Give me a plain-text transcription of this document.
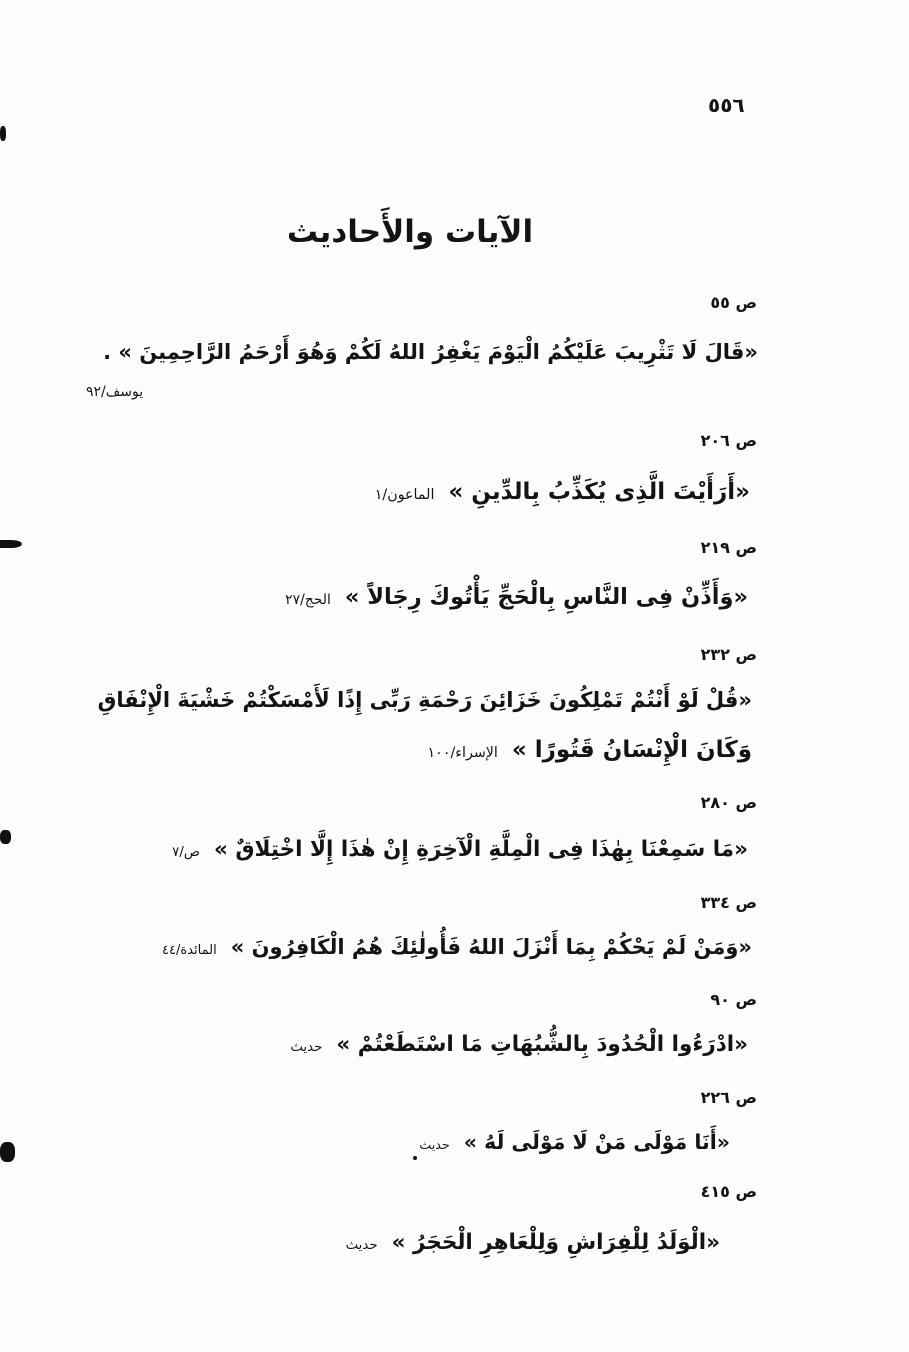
٥٥٦
الآيات والأَحاديث
ص ٥٥
«قَالَ لَا تَثْرِيبَ عَلَيْكُمُ الْيَوْمَ يَغْفِرُ اللهُ لَكُمْ وَهُوَ أَرْحَمُ الرَّاحِمِينَ » .
يوسف/٩٢
ص ٢٠٦
«أَرَأَيْتَ الَّذِى يُكَذِّبُ بِالدِّينِ »الماعون/١
ص ٢١٩
«وَأَذِّنْ فِى النَّاسِ بِالْحَجِّ يَأْتُوكَ رِجَالاً »الحج/٢٧
ص ٢٣٢
«قُلْ لَوْ أَنْتُمْ تَمْلِكُونَ خَزَائِنَ رَحْمَةِ رَبِّى إِذًا لَأَمْسَكْتُمْ خَشْيَةَ الْإِنْفَاقِ
وَكَانَ الْإِنْسَانُ قَتُورًا »الإسراء/١٠٠
ص ٢٨٠
«مَا سَمِعْنَا بِهٰذَا فِى الْمِلَّةِ الْآخِرَةِ إِنْ هٰذَا إِلَّا اخْتِلَاقٌ »ص/٧
ص ٣٣٤
«وَمَنْ لَمْ يَحْكُمْ بِمَا أَنْزَلَ اللهُ فَأُولٰئِكَ هُمُ الْكَافِرُونَ »المائدة/٤٤
ص ٩٠
«ادْرَءُوا الْحُدُودَ بِالشُّبُهَاتِ مَا اسْتَطَعْتُمْ »حديث
ص ٢٢٦
«أَنَا مَوْلَى مَنْ لَا مَوْلَى لَهُ »حديث
ص ٤١٥
«الْوَلَدُ لِلْفِرَاشِ وَلِلْعَاهِرِ الْحَجَرُ »حديث
